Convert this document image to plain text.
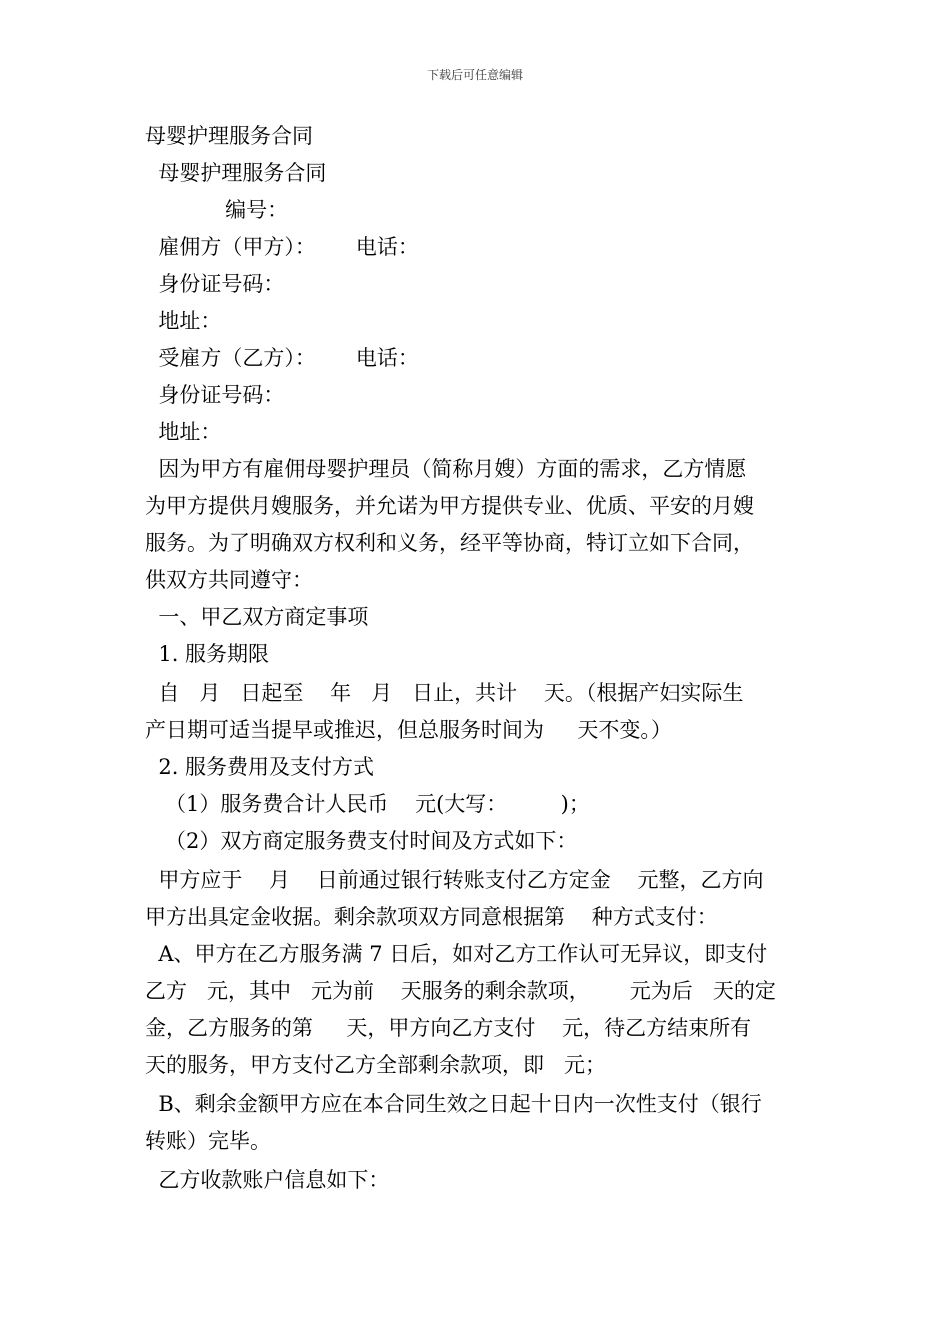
下载后可任意编辑
母婴护理服务合同
母婴护理服务合同
编号：
雇佣方（甲方）：      电话：
身份证号码：
地址：
受雇方（乙方）：      电话：
身份证号码：
地址：
因为甲方有雇佣母婴护理员（简称月嫂）方面的需求，乙方情愿
为甲方提供月嫂服务，并允诺为甲方提供专业、优质、平安的月嫂
服务。为了明确双方权利和义务，经平等协商，特订立如下合同，
供双方共同遵守：
一、甲乙双方商定事项
1. 服务期限
自   月   日起至    年   月   日止，共计    天。（根据产妇实际生
产日期可适当提早或推迟，但总服务时间为     天不变。）
2. 服务费用及支付方式
（1）服务费合计人民币    元(大写：        )；
（2）双方商定服务费支付时间及方式如下：
甲方应于    月    日前通过银行转账支付乙方定金    元整，乙方向
甲方出具定金收据。剩余款项双方同意根据第    种方式支付：
A、甲方在乙方服务满 7 日后，如对乙方工作认可无异议，即支付
乙方   元，其中   元为前    天服务的剩余款项，      元为后   天的定
金，乙方服务的第     天，甲方向乙方支付    元，待乙方结束所有
天的服务，甲方支付乙方全部剩余款项，即   元；
B、剩余金额甲方应在本合同生效之日起十日内一次性支付（银行
转账）完毕。
乙方收款账户信息如下：
